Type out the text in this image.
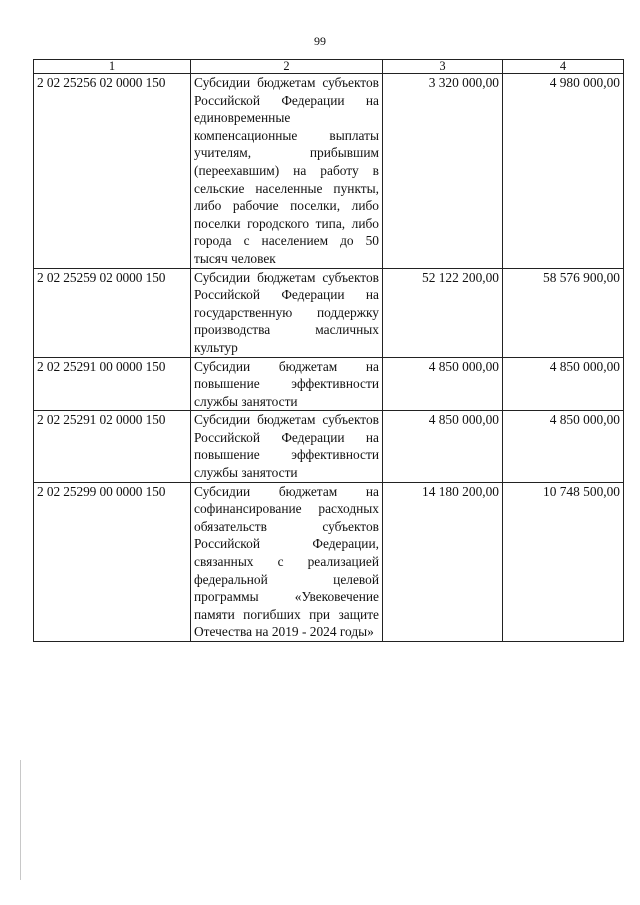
99
1	2	3	4
2 02 25256 02 0000 150	Субсидии бюджетам субъектов Российской Федерации на единовременные компенсационные выплаты учителям, прибывшим (переехавшим) на работу в сельские населенные пункты, либо рабочие поселки, либо поселки городского типа, либо города с населением до 50 тысяч человек	3 320 000,00	4 980 000,00
2 02 25259 02 0000 150	Субсидии бюджетам субъектов Российской Федерации на государственную поддержку производства масличных культур	52 122 200,00	58 576 900,00
2 02 25291 00 0000 150	Субсидии бюджетам на повышение эффективности службы занятости	4 850 000,00	4 850 000,00
2 02 25291 02 0000 150	Субсидии бюджетам субъектов Российской Федерации на повышение эффективности службы занятости	4 850 000,00	4 850 000,00
2 02 25299 00 0000 150	Субсидии бюджетам на софинансирование расходных обязательств субъектов Российской Федерации, связанных с реализацией федеральной целевой программы «Увековечение памяти погибших при защите Отечества на 2019 - 2024 годы»	14 180 200,00	10 748 500,00
